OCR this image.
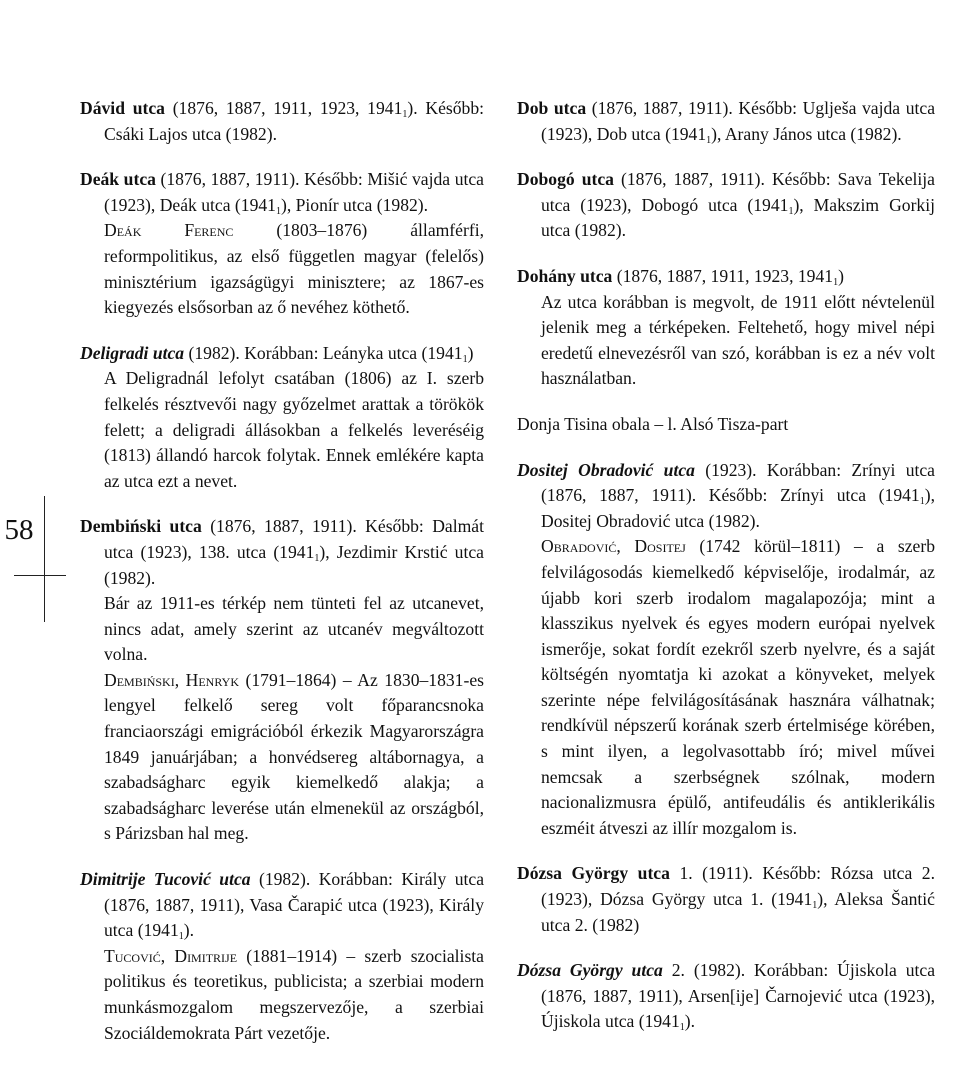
58

Dávid utca (1876, 1887, 1911, 1923, $1941_1$). Később: Csáki Lajos utca (1982).

Deák utca (1876, 1887, 1911). Később: Mišić vajda utca (1923), Deák utca $(1941_1)$, Pionír utca (1982).

Deák Ferenc (1803–1876) államférfi, reformpolitikus, az első független magyar (felelős) minisztérium igazságügyi minisztere; az 1867-es kiegyezés elsősorban az ő nevéhez köthető.

Deligradi utca (1982). Korábban: Leányka utca $(1941_1)$

A Deligradnál lefolyt csatában (1806) az I. szerb felkelés résztvevői nagy győzelmet arattak a törökök felett; a deligradi állásokban a felkelés leveréséig (1813) állandó harcok folytak. Ennek emlékére kapta az utca ezt a nevet.

Dembiński utca (1876, 1887, 1911). Később: Dalmát utca (1923), 138. utca $(1941_1)$, Jezdimir Krstić utca (1982).

Bár az 1911-es térkép nem tünteti fel az utcanevet, nincs adat, amely szerint az utcanév megváltozott volna.

Dembiński, Henryk (1791–1864) – Az 1830–1831-es lengyel felkelő sereg volt főparancsnoka franciaországi emigrációból érkezik Magyarországra 1849 januárjában; a honvédsereg altábornagya, a szabadságharc egyik kiemelkedő alakja; a szabadságharc leverése után elmenekül az országból, s Párizsban hal meg.

Dimitrije Tucović utca (1982). Korábban: Király utca (1876, 1887, 1911), Vasa Čarapić utca (1923), Király utca $(1941_1)$.

Tucović, Dimitrije (1881–1914) – szerb szocialista politikus és teoretikus, publicista; a szerbiai modern munkásmozgalom megszervezője, a szerbiai Szociáldemokrata Párt vezetője.

Dob utca (1876, 1887, 1911). Később: Uglješa vajda utca (1923), Dob utca $(1941_1)$, Arany János utca (1982).

Dobogó utca (1876, 1887, 1911). Később: Sava Tekelija utca (1923), Dobogó utca $(1941_1)$, Makszim Gorkij utca (1982).

Dohány utca (1876, 1887, 1911, 1923, $1941_1$)

Az utca korábban is megvolt, de 1911 előtt névtelenül jelenik meg a térképeken. Feltehető, hogy mivel népi eredetű elnevezésről van szó, korábban is ez a név volt használatban.

Donja Tisina obala – l. Alsó Tisza-part

Dositej Obradović utca (1923). Korábban: Zrínyi utca (1876, 1887, 1911). Később: Zrínyi utca $(1941_1)$, Dositej Obradović utca (1982).

Obradović, Dositej (1742 körül–1811) – a szerb felvilágosodás kiemelkedő képviselője, irodalmár, az újabb kori szerb irodalom magalapozója; mint a klasszikus nyelvek és egyes modern európai nyelvek ismerője, sokat fordít ezekről szerb nyelvre, és a saját költségén nyomtatja ki azokat a könyveket, melyek szerinte népe felvilágosításának hasznára válhatnak; rendkívül népszerű korának szerb értelmisége körében, s mint ilyen, a legolvasottabb író; mivel művei nemcsak a szerbségnek szólnak, modern nacionalizmusra épülő, antifeudális és antiklerikális eszméit átveszi az illír mozgalom is.

Dózsa György utca 1. (1911). Később: Rózsa utca 2. (1923), Dózsa György utca 1. $(1941_1)$, Aleksa Šantić utca 2. (1982)

Dózsa György utca 2. (1982). Korábban: Újiskola utca (1876, 1887, 1911), Arsen[ije] Čarnojević utca (1923), Újiskola utca $(1941_1)$.
